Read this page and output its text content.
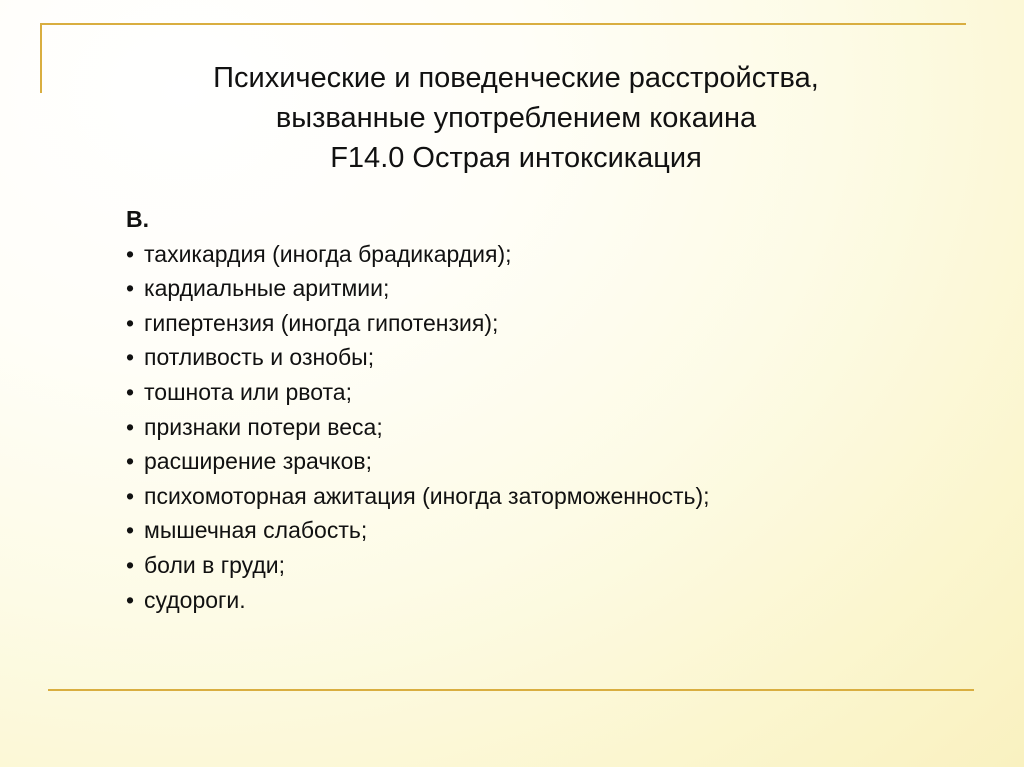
Психические и поведенческие расстройства,
вызванные употреблением кокаина
F14.0 Острая интоксикация
В.
• тахикардия (иногда брадикардия);
• кардиальные аритмии;
• гипертензия (иногда гипотензия);
• потливость и ознобы;
• тошнота или рвота;
• признаки потери веса;
• расширение зрачков;
• психомоторная ажитация (иногда заторможенность);
• мышечная слабость;
• боли в груди;
• судороги.
